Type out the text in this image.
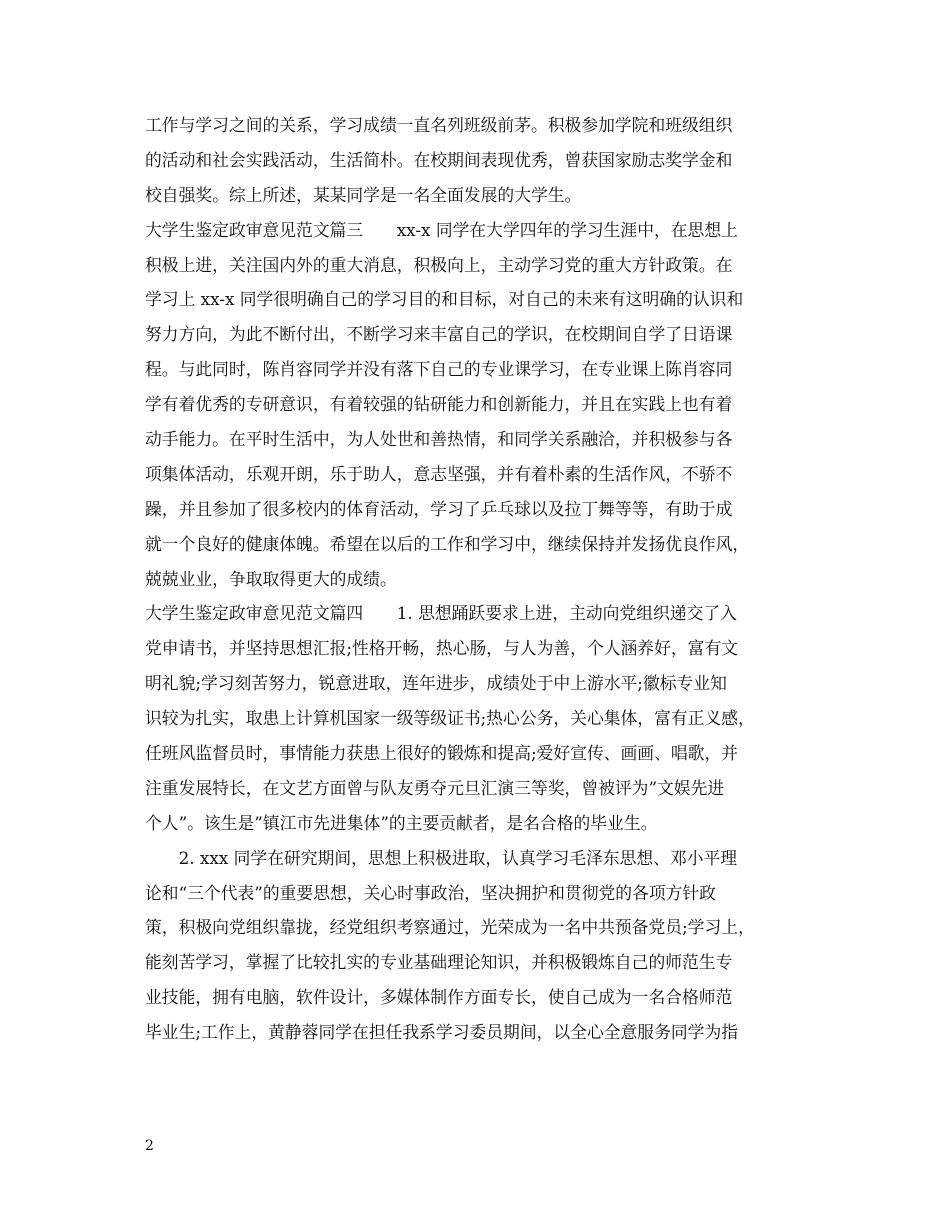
工作与学习之间的关系，学习成绩一直名列班级前茅。积极参加学院和班级组织
的活动和社会实践活动，生活简朴。在校期间表现优秀，曾获国家励志奖学金和
校自强奖。综上所述，某某同学是一名全面发展的大学生。
大学生鉴定政审意见范文篇三　　xx-x 同学在大学四年的学习生涯中，在思想上
积极上进，关注国内外的重大消息，积极向上，主动学习党的重大方针政策。在
学习上 xx-x 同学很明确自己的学习目的和目标，对自己的未来有这明确的认识和
努力方向，为此不断付出，不断学习来丰富自己的学识，在校期间自学了日语课
程。与此同时，陈肖容同学并没有落下自己的专业课学习，在专业课上陈肖容同
学有着优秀的专研意识，有着较强的钻研能力和创新能力，并且在实践上也有着
动手能力。在平时生活中，为人处世和善热情，和同学关系融洽，并积极参与各
项集体活动，乐观开朗，乐于助人，意志坚强，并有着朴素的生活作风，不骄不
躁，并且参加了很多校内的体育活动，学习了乒乓球以及拉丁舞等等，有助于成
就一个良好的健康体魄。希望在以后的工作和学习中，继续保持并发扬优良作风，
兢兢业业，争取取得更大的成绩。
大学生鉴定政审意见范文篇四　　1. 思想踊跃要求上进，主动向党组织递交了入
党申请书，并坚持思想汇报;性格开畅，热心肠，与人为善，个人涵养好，富有文
明礼貌;学习刻苦努力，锐意进取，连年进步，成绩处于中上游水平;徽标专业知
识较为扎实，取患上计算机国家一级等级证书;热心公务，关心集体，富有正义感，
任班风监督员时，事情能力获患上很好的锻炼和提高;爱好宣传、画画、唱歌，并
注重发展特长，在文艺方面曾与队友勇夺元旦汇演三等奖，曾被评为”文娱先进
个人”。该生是”镇江市先进集体”的主要贡献者，是名合格的毕业生。
　　2. xxx 同学在研究期间，思想上积极进取，认真学习毛泽东思想、邓小平理
论和“三个代表”的重要思想，关心时事政治，坚决拥护和贯彻党的各项方针政
策，积极向党组织靠拢，经党组织考察通过，光荣成为一名中共预备党员;学习上，
能刻苦学习，掌握了比较扎实的专业基础理论知识，并积极锻炼自己的师范生专
业技能，拥有电脑，软件设计，多媒体制作方面专长，使自己成为一名合格师范
毕业生;工作上，黄静蓉同学在担任我系学习委员期间，以全心全意服务同学为指
2
